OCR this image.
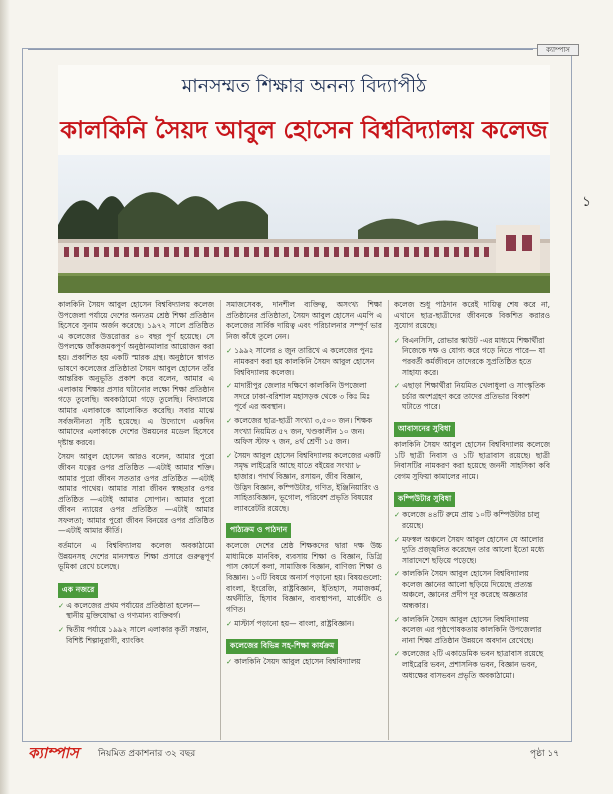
ক্যাম্পাস
১
মানসম্মত শিক্ষার অনন্য বিদ্যাপীঠ
কালকিনি সৈয়দ আবুল হোসেন বিশ্ববিদ্যালয় কলেজ

কালকিনি সৈয়দ আবুল হোসেন বিশ্ববিদ্যালয় কলেজ উপজেলা পর্যায়ে দেশের অন্যতম শ্রেষ্ঠ শিক্ষা প্রতিষ্ঠান হিসেবে সুনাম অর্জন করেছে। ১৯৭২ সালে প্রতিষ্ঠিত এ কলেজের উত্তরোত্তর ৪০ বছর পূর্ণ হয়েছে। সে উপলক্ষে জাঁকজমকপূর্ণ অনুষ্ঠানমালার আয়োজন করা হয়। প্রকাশিত হয় একটি স্মারক গ্রন্থ। অনুষ্ঠানে স্বাগত ভাষণে কলেজের প্রতিষ্ঠাতা সৈয়দ আবুল হোসেন তাঁর আন্তরিক অনুভূতি প্রকাশ করে বলেন, আমার এ এলাকায় শিক্ষার প্রসার ঘটানোর লক্ষ্যে শিক্ষা প্রতিষ্ঠান গড়ে তুলেছি। অবকাঠামো গড়ে তুলেছি। বিদ্যালয়ে আমার এলাকাকে আলোকিত করেছি। সবার মাঝে সর্বজনীনতা সৃষ্টি হয়েছে। এ উদ্যোগে একদিন আমাদের এলাকাকে দেশের উন্নয়নের মডেল হিসেবে দৃষ্টান্ত করবে।

সৈয়দ আবুল হোসেন আরও বলেন, আমার পুরো জীবন যত্নের ওপর প্রতিষ্ঠিত —এটাই আমার শক্তি। আমার পুরো জীবন সততার ওপর প্রতিষ্ঠিত —এটাই আমার পাথেয়। আমার সারা জীবন স্বচ্ছতার ওপর প্রতিষ্ঠিত —এটাই আমার সোপান। আমার পুরো জীবন ন্যায়ের ওপর প্রতিষ্ঠিত —এটাই আমার সফলতা; আমার পুরো জীবন বিনয়ের ওপর প্রতিষ্ঠিত —এটাই আমার কীর্তি।

বর্তমানে এ বিশ্ববিদ্যালয় কলেজ অবকাঠামো উন্নয়নসহ দেশের মানসম্মত শিক্ষা প্রসারে গুরুত্বপূর্ণ ভূমিকা রেখে চলেছে।

এক নজরে

✓ এ কলেজের প্রথম পর্যায়ের প্রতিষ্ঠাতা হলেন—স্থানীয় মুক্তিযোদ্ধা ও গণ্যমান্য ব্যক্তিবর্গ।

✓ দ্বিতীয় পর্যায়ে ১৯৯২ সালে এলাকার কৃতী সন্তান, বিশিষ্ট শিল্পানুরাগী, ব্যাংকিং

সমাজসেবক, দানশীল ব্যক্তিত্ব, অসংখ্য শিক্ষা প্রতিষ্ঠানের প্রতিষ্ঠাতা, সৈয়দ আবুল হোসেন এমপি এ কলেজের সার্বিক দায়িত্ব এবং পরিচালনার সম্পূর্ণ ভার নিজ কাঁধে তুলে নেন।

✓ ১৯৯২ সালের ৪ জুন তারিখে এ কলেজের পুনঃ নামকরণ করা হয় কালকিনি সৈয়দ আবুল হোসেন বিশ্ববিদ্যালয় কলেজ।

✓ মাদারীপুর জেলার দক্ষিণে কালকিনি উপজেলা সদরে ঢাকা-বরিশাল মহাসড়ক থেকে ৩ কিঃ মিঃ পূর্বে এর অবস্থান।

✓ কলেজের ছাত্র-ছাত্রী সংখ্যা ৩,৫০০ জন। শিক্ষক সংখ্যা নিয়মিত ৫৭ জন, খণ্ডকালীন ১০ জন। অফিস স্টাফ ৭ জন, ৪র্থ শ্রেণী ১৫ জন।

✓ সৈয়দ আবুল হোসেন বিশ্ববিদ্যালয় কলেজের একটি সমৃদ্ধ লাইব্রেরি আছে যাতে বইয়ের সংখ্যা ৮ হাজার। পদার্থ বিজ্ঞান, রসায়ন, জীব বিজ্ঞান, উদ্ভিদ বিজ্ঞান, কম্পিউটার, গণিত, ইঞ্জিনিয়ারিং ও সাহিত্যবিজ্ঞান, ভূগোল, পরিবেশ প্রভৃতি বিষয়ের ল্যাবরেটরি রয়েছে।

পাঠ্যক্রম ও পাঠদান

কলেজে দেশের শ্রেষ্ঠ শিক্ষকদের দ্বারা দক্ষ উচ্চ মাধ্যমিকে মানবিক, ব্যবসায় শিক্ষা ও বিজ্ঞান, ডিগ্রি পাস কোর্সে কলা, সামাজিক বিজ্ঞান, বাণিজ্য শিক্ষা ও বিজ্ঞান। ১০টি বিষয়ে অনার্স পড়ানো হয়। বিষয়গুলো: বাংলা, ইংরেজি, রাষ্ট্রবিজ্ঞান, ইতিহাস, সমাজকর্ম, অর্থনীতি, হিসাব বিজ্ঞান, ব্যবস্থাপনা, মার্কেটিং ও গণিত।

✓ মাস্টার্স পড়ানো হয়— বাংলা, রাষ্ট্রবিজ্ঞান।

কলেজের বিভিন্ন সহ-শিক্ষা কার্যক্রম

✓ কালকিনি সৈয়দ আবুল হোসেন বিশ্ববিদ্যালয়

কলেজ শুধু পাঠদান করেই দায়িত্ব শেষ করে না, এখানে ছাত্র-ছাত্রীদের জীবনকে বিকশিত করারও সুযোগ রয়েছে।

✓ বিএনসিসি, রোভার স্কাউট -এর মাধ্যমে শিক্ষার্থীরা নিজেকে দক্ষ ও যোগ্য করে গড়ে নিতে পারে— যা পরবর্তী কর্মজীবনে তাদেরকে সুপ্রতিষ্ঠিত হতে সাহায্য করে।

✓ এছাড়া শিক্ষার্থীরা নিয়মিত খেলাধুলা ও সাংস্কৃতিক চর্চার অংশগ্রহণ করে তাদের প্রতিভার বিকাশ ঘটাতে পারে।

আবাসনের সুবিধা

কালকিনি সৈয়দ আবুল হোসেন বিশ্ববিদ্যালয় কলেজে ১টি ছাত্রী নিবাস ও ১টি ছাত্রাবাস রয়েছে। ছাত্রী নিবাসটির নামকরণ করা হয়েছে জননী সাহসিকা কবি বেগম সুফিয়া কামালের নামে।

কম্পিউটার সুবিধা

✓ কলেজে ৪৪টি রুমে প্রায় ১০টি কম্পিউটার চালু রয়েছে।

✓ মফস্বল অঞ্চলে সৈয়দ আবুল হোসেন যে আলোর দ্যুতি প্রজ্জ্বলিত করেছেন তার আলো ইতো মধ্যে সারাদেশে ছড়িয়ে পড়েছে।

✓ কালকিনি সৈয়দ আবুল হোসেন বিশ্ববিদ্যালয় কলেজ জ্ঞানের আলো ছড়িয়ে দিয়েছে প্রত্যন্ত অঞ্চলে, জ্ঞানের প্রদীপ দূর করেছে অজ্ঞতার অন্ধকার।

✓ কালকিনি সৈয়দ আবুল হোসেন বিশ্ববিদ্যালয় কলেজ এর পৃষ্ঠপোষকতায় কালকিনি উপজেলার নানা শিক্ষা প্রতিষ্ঠান উন্নয়নে অবদান রেখেছে।

✓ কলেজের ২টি একাডেমিক ভবন ছাত্রাবাস রয়েছে লাইব্রেরি ভবন, প্রশাসনিক ভবন, বিজ্ঞান ভবন, অধ্যক্ষের বাসভবন প্রভৃতি অবকাঠামো।

ক্যাম্পাস নিয়মিত প্রকাশনার ৩২ বছর	পৃষ্ঠা ১৭
